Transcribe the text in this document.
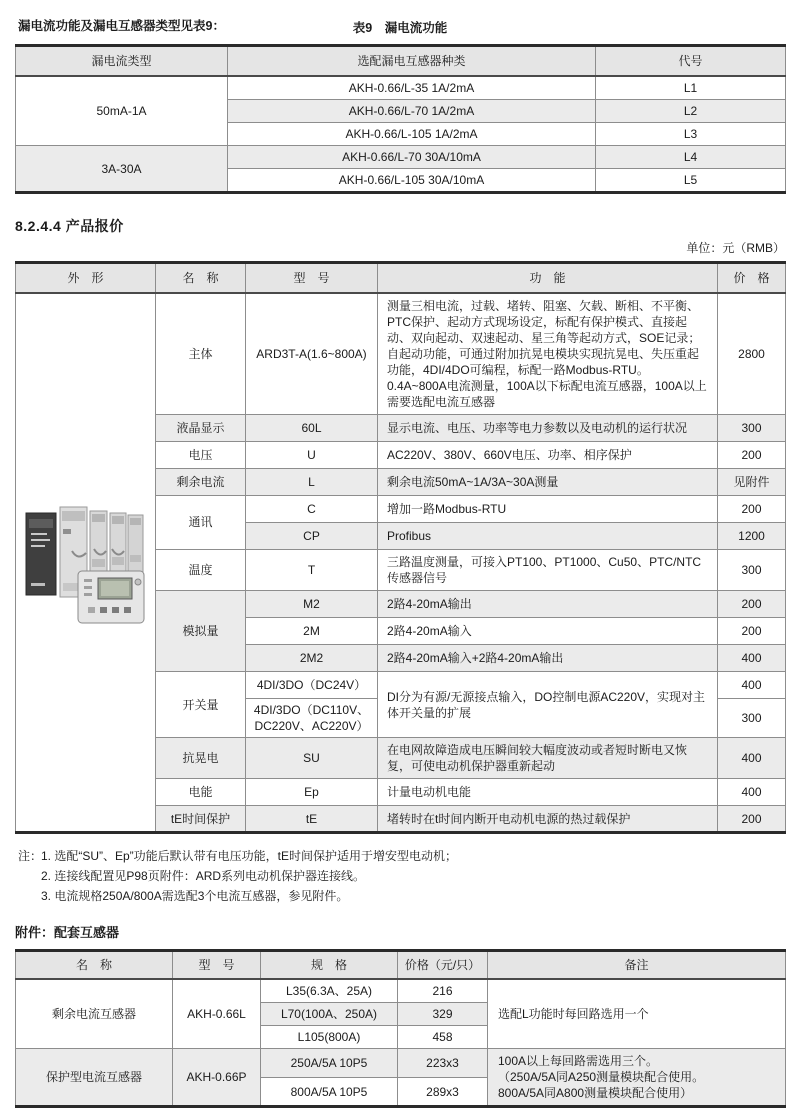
漏电流功能及漏电互感器类型见表9：	表9　漏电流功能
漏电流类型	选配漏电互感器种类	代号
50mA-1A	AKH-0.66/L-35 1A/2mA	L1
	AKH-0.66/L-70 1A/2mA	L2
	AKH-0.66/L-105 1A/2mA	L3
3A-30A	AKH-0.66/L-70 30A/10mA	L4
	AKH-0.66/L-105 30A/10mA	L5
8.2.4.4 产品报价
单位：元（RMB）
外　形	名　称	型　号	功　能	价　格

	主体	ARD3T-A(1.6~800A)	测量三相电流，过载、堵转、阻塞、欠载、断相、不平衡、PTC保护、起动方式现场设定，标配有保护模式、直接起动、双向起动、双速起动、星三角等起动方式，SOE记录；自起动功能，可通过附加抗晃电模块实现抗晃电、失压重起功能，4DI/4DO可编程，标配一路Modbus-RTU。0.4A~800A电流测量，100A以下标配电流互感器，100A以上需要选配电流互感器	2800
	液晶显示	60L	显示电流、电压、功率等电力参数以及电动机的运行状况	300
	电压	U	AC220V、380V、660V电压、功率、相序保护	200
	剩余电流	L	剩余电流50mA~1A/3A~30A测量	见附件
	通讯	C	增加一路Modbus-RTU	200
		CP	Profibus	1200
	温度	T	三路温度测量，可接入PT100、PT1000、Cu50、PTC/NTC传感器信号	300
	模拟量	M2	2路4-20mA输出	200
		2M	2路4-20mA输入	200
		2M2	2路4-20mA输入+2路4-20mA输出	400
	开关量	4DI/3DO（DC24V）	DI分为有源/无源接点输入，DO控制电源AC220V，实现对主体开关量的扩展	400
		4DI/3DO（DC110V、DC220V、AC220V）		300
	抗晃电	SU	在电网故障造成电压瞬间较大幅度波动或者短时断电又恢复，可使电动机保护器重新起动	400
	电能	Ep	计量电动机电能	400
	tE时间保护	tE	堵转时在t时间内断开电动机电源的热过载保护	200
注：
1. 选配“SU”、Ep”功能后默认带有电压功能，tE时间保护适用于增安型电动机；
2. 连接线配置见P98页附件：ARD系列电动机保护器连接线。
3. 电流规格250A/800A需选配3个电流互感器，参见附件。
附件：配套互感器
名　称	型　号	规　格	价格（元/只）	备注
剩余电流互感器	AKH-0.66L	L35(6.3A、25A)	216	选配L功能时每回路选用一个
		L70(100A、250A)	329	
		L105(800A)	458	
保护型电流互感器	AKH-0.66P	250A/5A 10P5	223x3	100A以上每回路需选用三个。
（250A/5A同A250测量模块配合使用。
800A/5A同A800测量模块配合使用）

		800A/5A 10P5	289x3	
